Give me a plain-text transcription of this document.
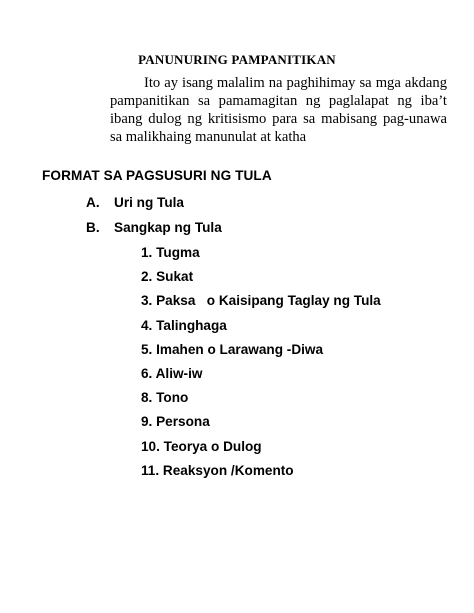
PANUNURING PAMPANITIKAN

Ito ay isang malalim na paghihimay sa mga akdang pampanitikan sa pamamagitan ng paglalapat ng iba’t ibang dulog ng kritisismo para sa mabisang pag-unawa sa malikhaing manunulat at katha

FORMAT SA PAGSUSURI NG TULA
A. Uri ng Tula
B. Sangkap ng Tula
1. Tugma
2. Sukat
3. Paksa   o Kaisipang Taglay ng Tula
4. Talinghaga
5. Imahen o Larawang -Diwa
6. Aliw-iw
8. Tono
9. Persona
10. Teorya o Dulog
11. Reaksyon /Komento
